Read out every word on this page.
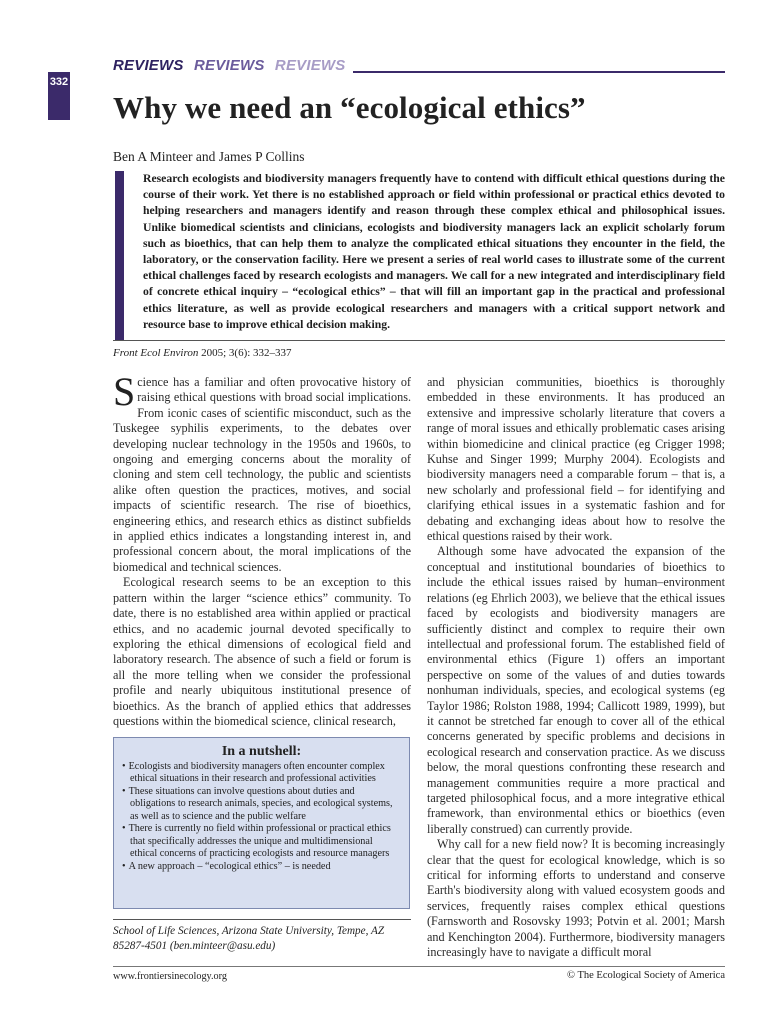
REVIEWS REVIEWS REVIEWS
332
Why we need an “ecological ethics”
Ben A Minteer and James P Collins
Research ecologists and biodiversity managers frequently have to contend with difficult ethical questions during the course of their work. Yet there is no established approach or field within professional or practical ethics devoted to helping researchers and managers identify and reason through these complex ethical and philosophical issues. Unlike biomedical scientists and clinicians, ecologists and biodiversity managers lack an explicit scholarly forum such as bioethics, that can help them to analyze the complicated ethical situations they encounter in the field, the laboratory, or the conservation facility. Here we present a series of real world cases to illustrate some of the current ethical challenges faced by research ecologists and managers. We call for a new integrated and interdisciplinary field of concrete ethical inquiry – “ecological ethics” – that will fill an important gap in the practical and professional ethics literature, as well as provide ecological researchers and managers with a critical support network and resource base to improve ethical decision making.
Front Ecol Environ 2005; 3(6): 332–337

Science has a familiar and often provocative history of raising ethical questions with broad social implications. From iconic cases of scientific misconduct, such as the Tuskegee syphilis experiments, to the debates over developing nuclear technology in the 1950s and 1960s, to ongoing and emerging concerns about the morality of cloning and stem cell technology, the public and scientists alike often question the practices, motives, and social impacts of scientific research. The rise of bioethics, engineering ethics, and research ethics as distinct subfields in applied ethics indicates a longstanding interest in, and professional concern about, the moral implications of the biomedical and technical sciences.

Ecological research seems to be an exception to this pattern within the larger “science ethics” community. To date, there is no established area within applied or practical ethics, and no academic journal devoted specifically to exploring the ethical dimensions of ecological field and laboratory research. The absence of such a field or forum is all the more telling when we consider the professional profile and nearly ubiquitous institutional presence of bioethics. As the branch of applied ethics that addresses questions within the biomedical science, clinical research,

and physician communities, bioethics is thoroughly embedded in these environments. It has produced an extensive and impressive scholarly literature that covers a range of moral issues and ethically problematic cases arising within biomedicine and clinical practice (eg Crigger 1998; Kuhse and Singer 1999; Murphy 2004). Ecologists and biodiversity managers need a comparable forum – that is, a new scholarly and professional field – for identifying and clarifying ethical issues in a systematic fashion and for debating and exchanging ideas about how to resolve the ethical questions raised by their work.

Although some have advocated the expansion of the conceptual and institutional boundaries of bioethics to include the ethical issues raised by human–environment relations (eg Ehrlich 2003), we believe that the ethical issues faced by ecologists and biodiversity managers are sufficiently distinct and complex to require their own intellectual and professional forum. The established field of environmental ethics (Figure 1) offers an important perspective on some of the values of and duties towards nonhuman individuals, species, and ecological systems (eg Taylor 1986; Rolston 1988, 1994; Callicott 1989, 1999), but it cannot be stretched far enough to cover all of the ethical concerns generated by specific problems and decisions in ecological research and conservation practice. As we discuss below, the moral questions confronting these research and management communities require a more practical and targeted philosophical focus, and a more integrative ethical framework, than environmental ethics or bioethics (even liberally construed) can currently provide.

Why call for a new field now? It is becoming increasingly clear that the quest for ecological knowledge, which is so critical for informing efforts to understand and conserve Earth's biodiversity along with valued ecosystem goods and services, frequently raises complex ethical questions (Farnsworth and Rosovsky 1993; Potvin et al. 2001; Marsh and Kenchington 2004). Furthermore, biodiversity managers increasingly have to navigate a difficult moral

In a nutshell:
• Ecologists and biodiversity managers often encounter complex ethical situations in their research and professional activities
• These situations can involve questions about duties and obligations to research animals, species, and ecological systems, as well as to science and the public welfare
• There is currently no field within professional or practical ethics that specifically addresses the unique and multidimensional ethical concerns of practicing ecologists and resource managers
• A new approach – “ecological ethics” – is needed
School of Life Sciences, Arizona State University, Tempe, AZ 85287-4501 (ben.minteer@asu.edu)
www.frontiersinecology.org	© The Ecological Society of America
